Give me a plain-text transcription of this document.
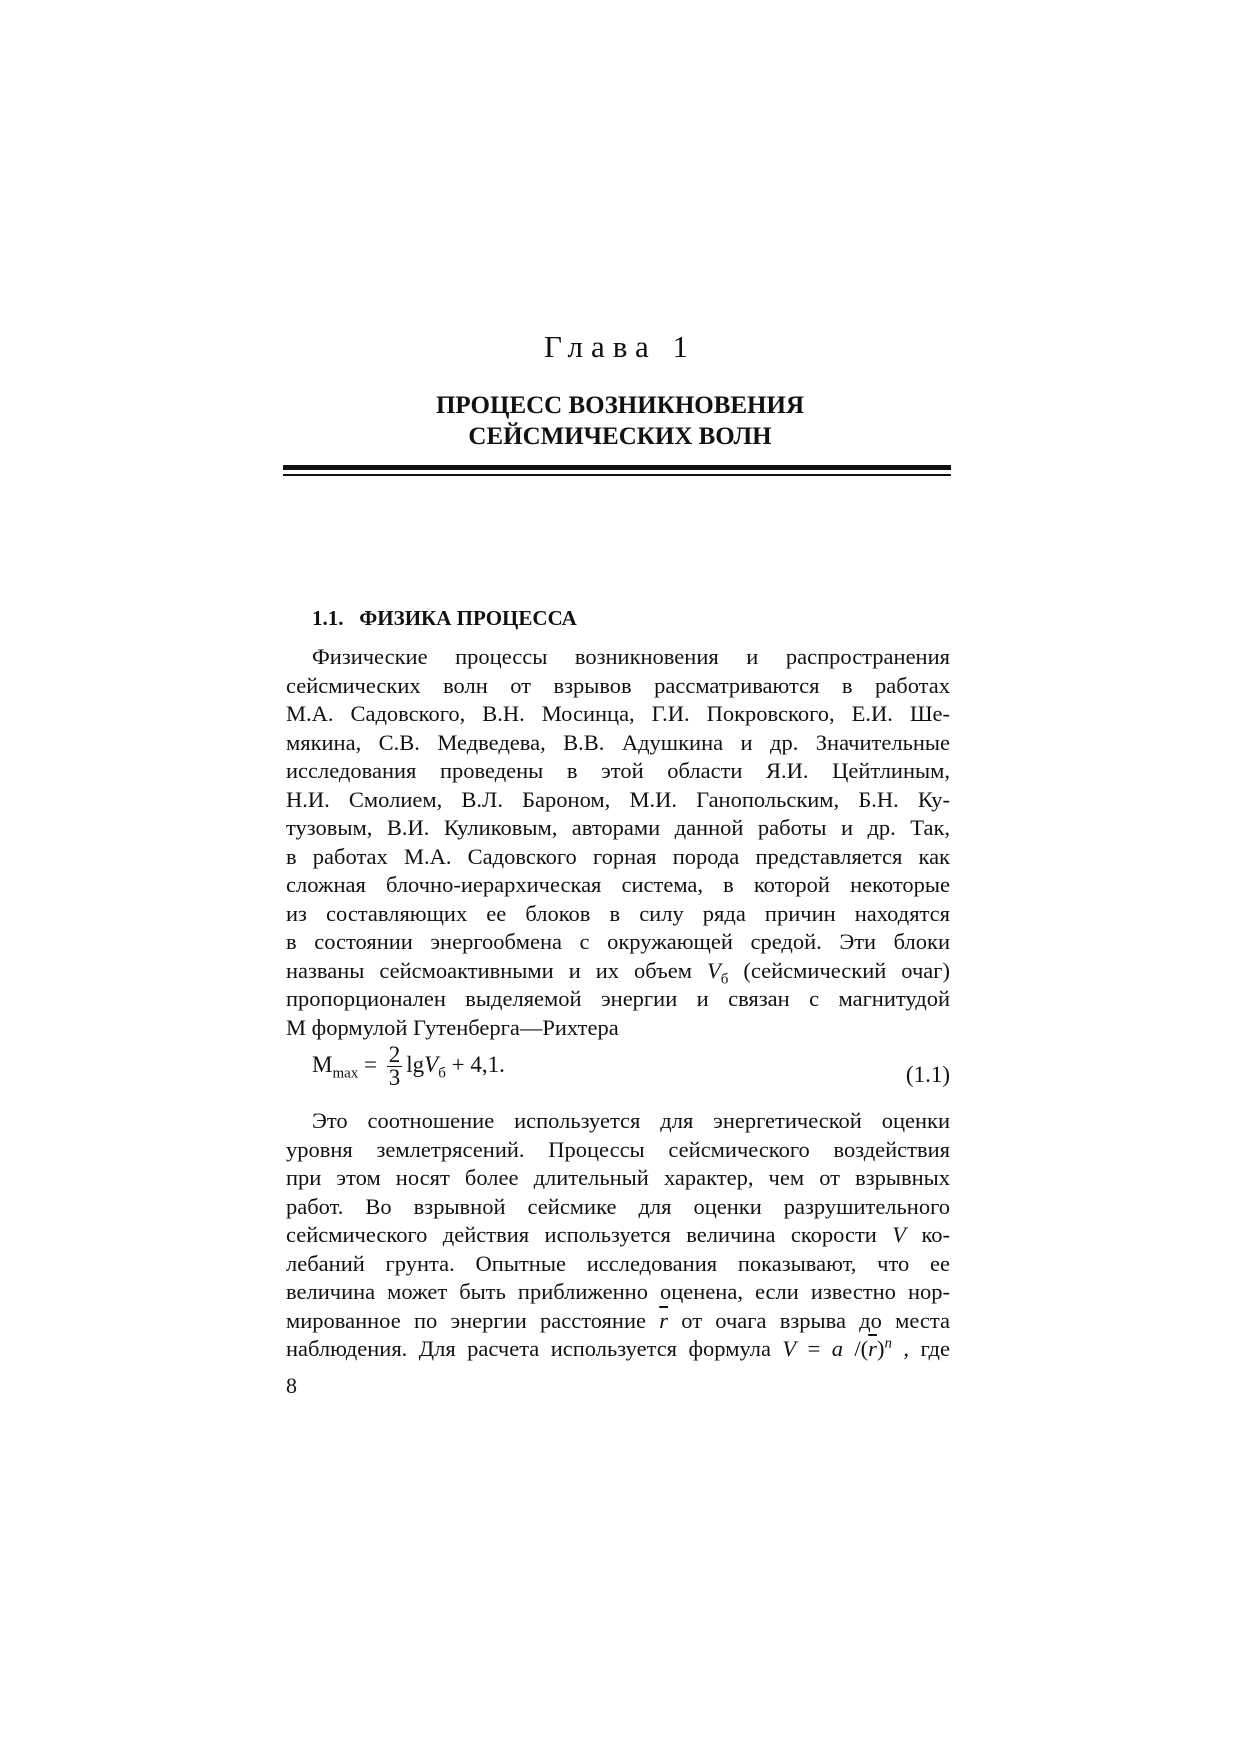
Глава 1
ПРОЦЕСС ВОЗНИКНОВЕНИЯ
СЕЙСМИЧЕСКИХ ВОЛН
1.1. ФИЗИКА ПРОЦЕССА
Физические процессы возникновения и распространения
сейсмических волн от взрывов рассматриваются в работах
М.А. Садовского, В.Н. Мосинца, Г.И. Покровского, Е.И. Ше-
мякина, С.В. Медведева, В.В. Адушкина и др. Значительные
исследования проведены в этой области Я.И. Цейтлиным,
Н.И. Смолием, В.Л. Бароном, М.И. Ганопольским, Б.Н. Ку-
тузовым, В.И. Куликовым, авторами данной работы и др. Так,
в работах М.А. Садовского горная порода представляется как
сложная блочно-иерархическая система, в которой некоторые
из составляющих ее блоков в силу ряда причин находятся
в состоянии энергообмена с окружающей средой. Эти блоки
названы сейсмоактивными и их объем $V_б$ (сейсмический очаг)
пропорционален выделяемой энергии и связан с магнитудой
М формулой Гутенберга—Рихтера
$M_{max} = \frac{2}{3} \lg V_б + 4,1$.	(1.1)
Это соотношение используется для энергетической оценки
уровня землетрясений. Процессы сейсмического воздействия
при этом носят более длительный характер, чем от взрывных
работ. Во взрывной сейсмике для оценки разрушительного
сейсмического действия используется величина скорости V ко-
лебаний грунта. Опытные исследования показывают, что ее
величина может быть приближенно оценена, если известно нор-
мированное по энергии расстояние $\overline{r}$ от очага взрыва до места
наблюдения. Для расчета используется формула V = a $/(\overline{r})^n$ , где
8
